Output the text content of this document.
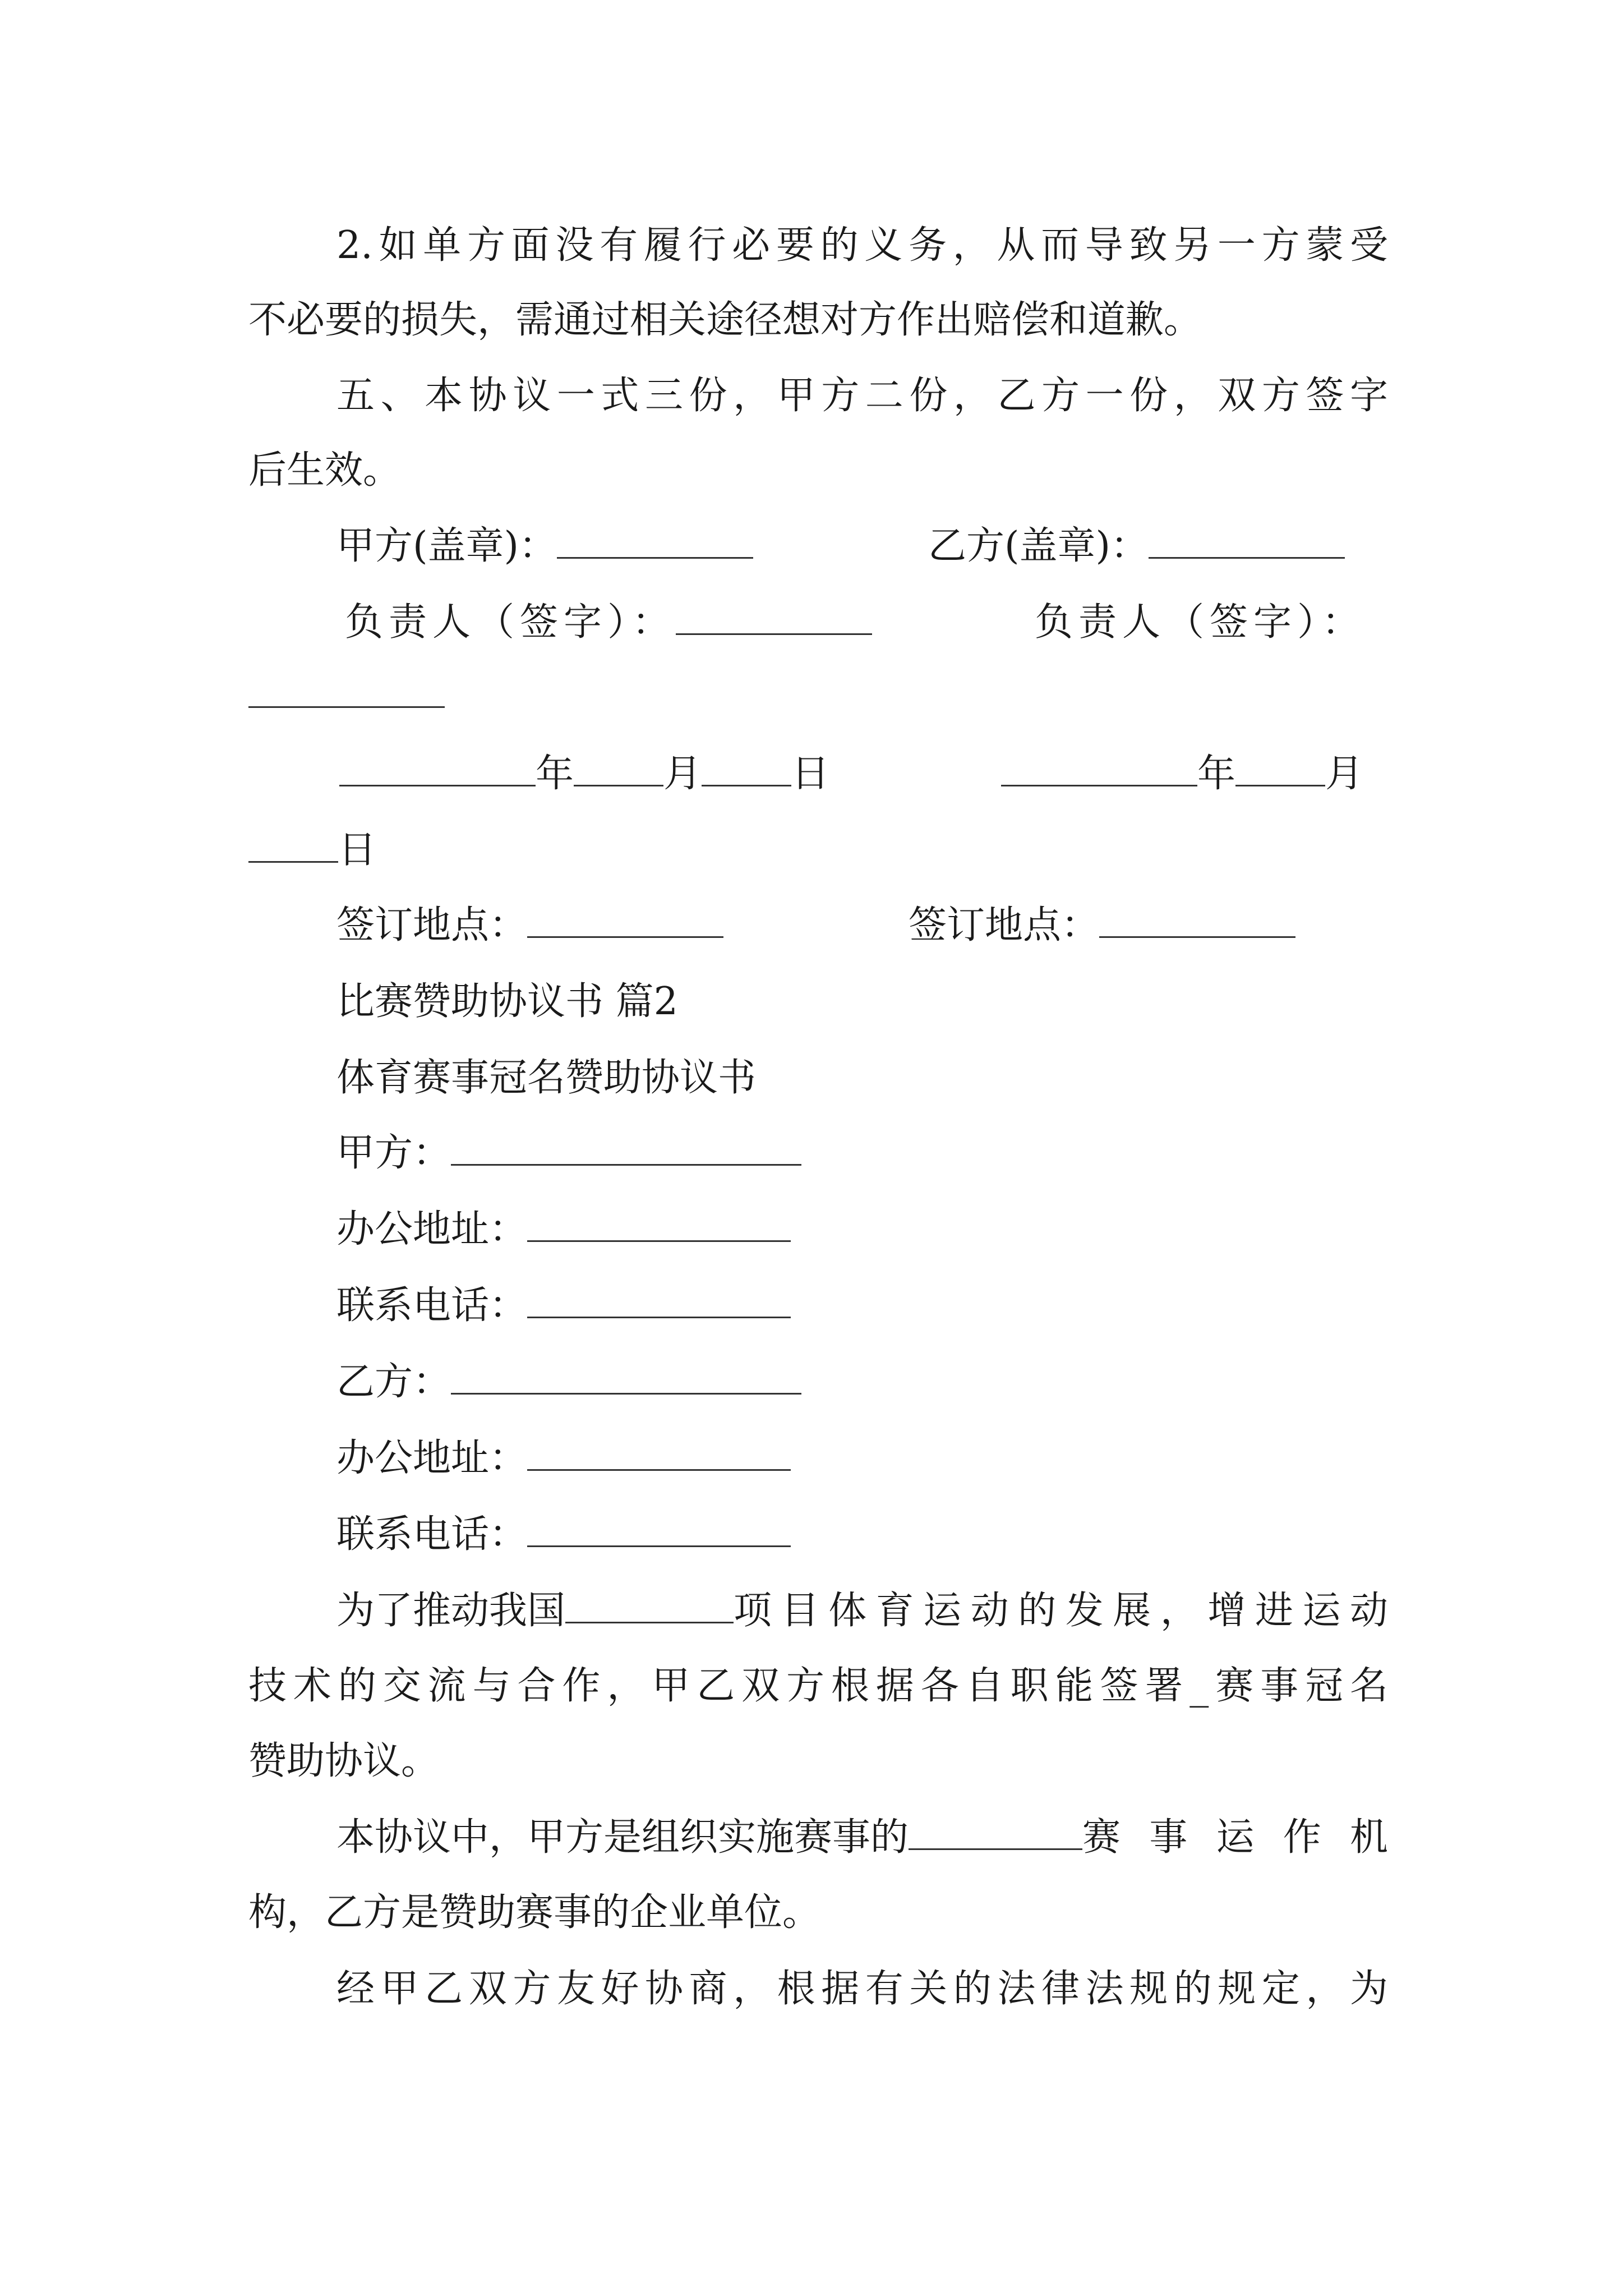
2.如单方面没有履行必要的义务，从而导致另一方蒙受
不必要的损失，需通过相关途径想对方作出赔偿和道歉。
五、本协议一式三份，甲方二份，乙方一份，双方签字
后生效。
甲方(盖章)：	乙方(盖章)：
负责人（签字）：	负责人（签字）：
年 月 日	年 月
日
签订地点：	签订地点：
比赛赞助协议书 篇2
体育赛事冠名赞助协议书
甲方：
办公地址：
联系电话：
乙方：
办公地址：
联系电话：
为了推动我国	项目体育运动的发展，增进运动
技术的交流与合作，甲乙双方根据各自职能签署_赛事冠名
赞助协议。
本协议中，甲方是组织实施赛事的	赛事运作机
构，乙方是赞助赛事的企业单位。
经甲乙双方友好协商，根据有关的法律法规的规定，为
